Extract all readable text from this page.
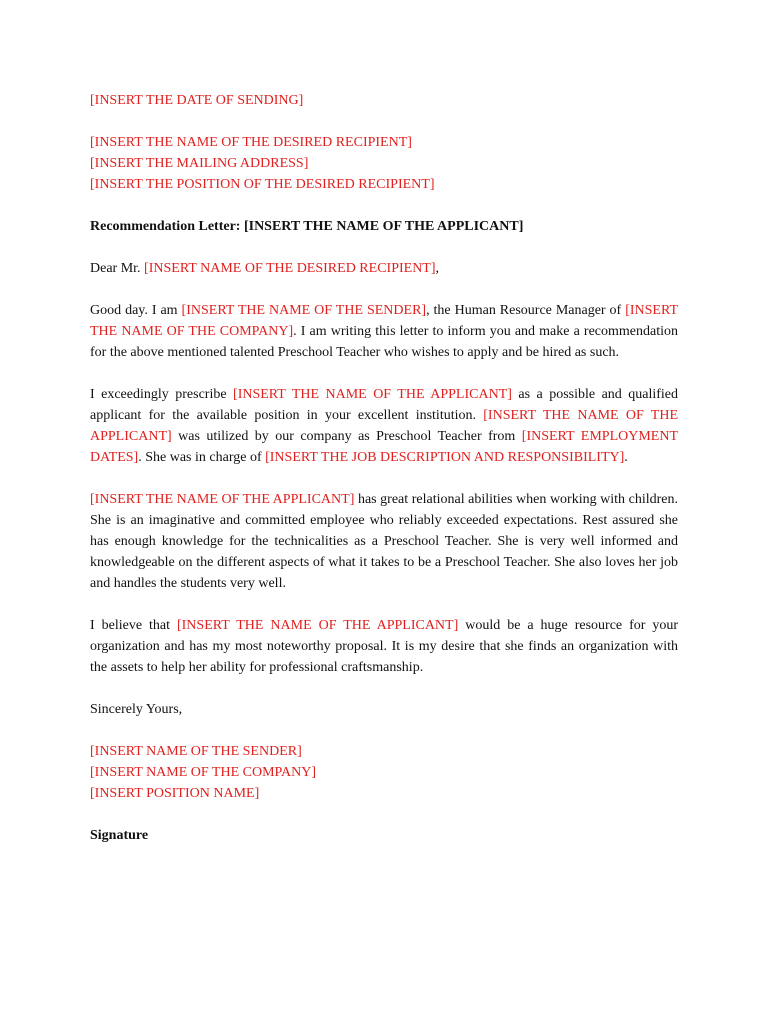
[INSERT THE DATE OF SENDING]

[INSERT THE NAME OF THE DESIRED RECIPIENT]

[INSERT THE MAILING ADDRESS]

[INSERT THE POSITION OF THE DESIRED RECIPIENT]

Recommendation Letter: [INSERT THE NAME OF THE APPLICANT]

Dear Mr. [INSERT NAME OF THE DESIRED RECIPIENT],

Good day. I am [INSERT THE NAME OF THE SENDER], the Human Resource Manager of [INSERT THE NAME OF THE COMPANY]. I am writing this letter to inform you and make a recommendation for the above mentioned talented Preschool Teacher who wishes to apply and be hired as such.

I exceedingly prescribe [INSERT THE NAME OF THE APPLICANT] as a possible and qualified applicant for the available position in your excellent institution. [INSERT THE NAME OF THE APPLICANT] was utilized by our company as Preschool Teacher from [INSERT EMPLOYMENT DATES]. She was in charge of [INSERT THE JOB DESCRIPTION AND RESPONSIBILITY].

[INSERT THE NAME OF THE APPLICANT] has great relational abilities when working with children. She is an imaginative and committed employee who reliably exceeded expectations. Rest assured she has enough knowledge for the technicalities as a Preschool Teacher. She is very well informed and knowledgeable on the different aspects of what it takes to be a Preschool Teacher. She also loves her job and handles the students very well.

I believe that [INSERT THE NAME OF THE APPLICANT] would be a huge resource for your organization and has my most noteworthy proposal. It is my desire that she finds an organization with the assets to help her ability for professional craftsmanship.

Sincerely Yours,

[INSERT NAME OF THE SENDER]

[INSERT NAME OF THE COMPANY]

[INSERT POSITION NAME]

Signature
